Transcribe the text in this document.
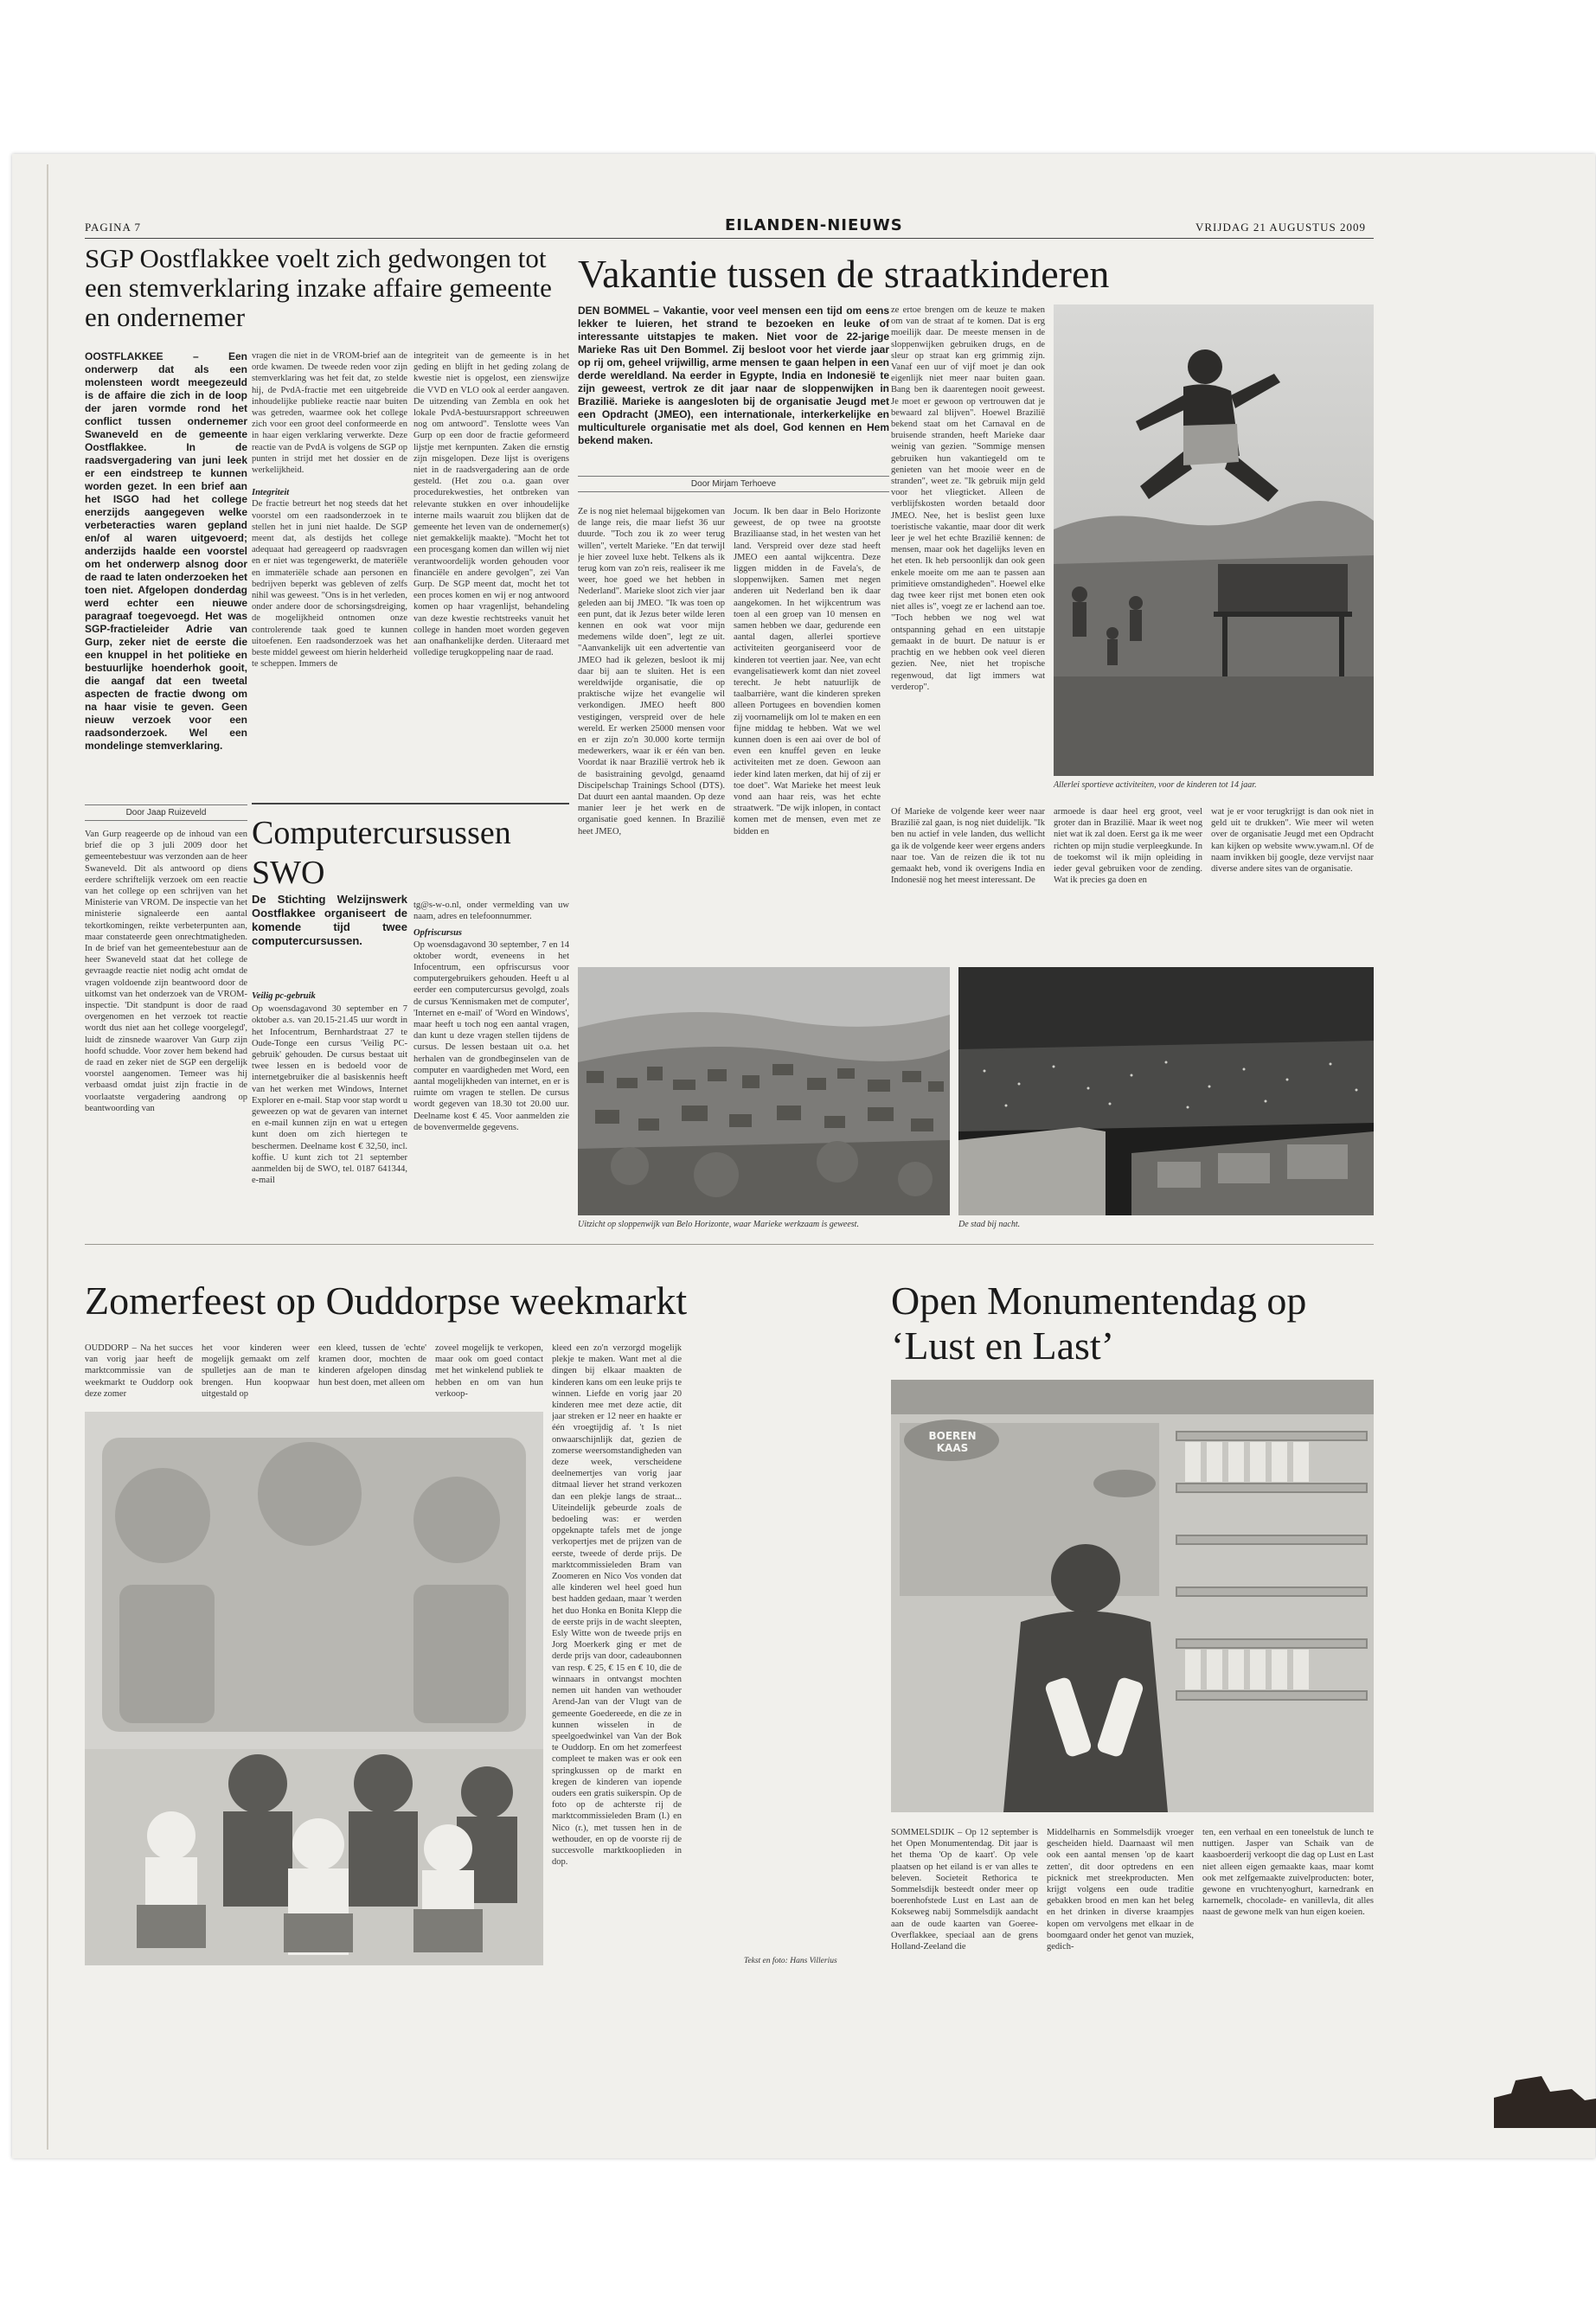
PAGINA 7	EILANDEN-NIEUWS	VRIJDAG 21 AUGUSTUS 2009
SGP Oostflakkee voelt zich gedwongen tot een stemverklaring inzake affaire gemeente en ondernemer
OOSTFLAKKEE – Een onderwerp dat als een molensteen wordt meegezeuld is de affaire die zich in de loop der jaren vormde rond het conflict tussen ondernemer Swaneveld en de gemeente Oostflakkee. In de raadsvergadering van juni leek er een eindstreep te kunnen worden gezet. In een brief aan het ISGO had het college enerzijds aangegeven welke verbeteracties waren gepland en/of al waren uitgevoerd; anderzijds haalde een voorstel om het onderwerp alsnog door de raad te laten onderzoeken het toen niet. Afgelopen donderdag werd echter een nieuwe paragraaf toegevoegd. Het was SGP-fractieleider Adrie van Gurp, zeker niet de eerste die een knuppel in het politieke en bestuurlijke hoenderhok gooit, die aangaf dat een tweetal aspecten de fractie dwong om na haar visie te geven. Geen nieuw verzoek voor een raadsonderzoek. Wel een mondelinge stemverklaring.
Door Jaap Ruizeveld
Van Gurp reageerde op de inhoud van een brief die op 3 juli 2009 door het gemeentebestuur was verzonden aan de heer Swaneveld. Dit als antwoord op diens eerdere schriftelijk verzoek om een reactie van het college op een schrijven van het Ministerie van VROM. De inspectie van het ministerie signaleerde een aantal tekortkomingen, reikte verbeterpunten aan, maar constateerde geen onrechtmatigheden. In de brief van het gemeentebestuur aan de heer Swaneveld staat dat het college de gevraagde reactie niet nodig acht omdat de vragen voldoende zijn beantwoord door de uitkomst van het onderzoek van de VROM-inspectie. 'Dit standpunt is door de raad overgenomen en het verzoek tot reactie wordt dus niet aan het college voorgelegd', luidt de zinsnede waarover Van Gurp zijn hoofd schudde. Voor zover hem bekend had de raad en zeker niet de SGP een dergelijk voorstel aangenomen. Temeer was hij verbaasd omdat juist zijn fractie in de voorlaatste vergadering aandrong op beantwoording van

vragen die niet in de VROM-brief aan de orde kwamen. De tweede reden voor zijn stemverklaring was het feit dat, zo stelde hij, de PvdA-fractie met een uitgebreide inhoudelijke publieke reactie naar buiten was getreden, waarmee ook het college zich voor een groot deel conformeerde en in haar eigen verklaring verwerkte. Deze reactie van de PvdA is volgens de SGP op punten in strijd met het dossier en de werkelijkheid.

Integriteit

De fractie betreurt het nog steeds dat het voorstel om een raadsonderzoek in te stellen het in juni niet haalde. De SGP meent dat, als destijds het college adequaat had gereageerd op raadsvragen en er niet was tegengewerkt, de materiële en immateriële schade aan personen en bedrijven beperkt was gebleven of zelfs nihil was geweest. "Ons is in het verleden, onder andere door de schorsingsdreiging, de mogelijkheid ontnomen onze controlerende taak goed te kunnen uitoefenen. Een raadsonderzoek was het beste middel geweest om hierin helderheid te scheppen. Immers de

integriteit van de gemeente is in het geding en blijft in het geding zolang de kwestie niet is opgelost, een zienswijze die VVD en VLO ook al eerder aangaven. De uitzending van Zembla en ook het lokale PvdA-bestuursrapport schreeuwen nog om antwoord". Tenslotte wees Van Gurp op een door de fractie geformeerd lijstje met kernpunten. Zaken die ernstig zijn misgelopen. Deze lijst is overigens niet in de raadsvergadering aan de orde gesteld. (Het zou o.a. gaan over procedurekwesties, het ontbreken van relevante stukken en over inhoudelijke interne mails waaruit zou blijken dat de gemeente het leven van de ondernemer(s) niet gemakkelijk maakte). "Mocht het tot een procesgang komen dan willen wij niet verantwoordelijk worden gehouden voor financiële en andere gevolgen", zei Van Gurp. De SGP meent dat, mocht het tot een proces komen en wij er nog antwoord komen op haar vragenlijst, behandeling van deze kwestie rechtstreeks vanuit het college in handen moet worden gegeven aan onafhankelijke derden. Uiteraard met volledige terugkoppeling naar de raad.
Computercursussen SWO
De Stichting Welzijnswerk Oostflakkee organiseert de komende tijd twee computercursussen.
Veilig pc-gebruik
Op woensdagavond 30 september en 7 oktober a.s. van 20.15-21.45 uur wordt in het Infocentrum, Bernhardstraat 27 te Oude-Tonge een cursus 'Veilig PC-gebruik' gehouden. De cursus bestaat uit twee lessen en is bedoeld voor de internetgebruiker die al basiskennis heeft van het werken met Windows, Internet Explorer en e-mail. Stap voor stap wordt u geweezen op wat de gevaren van internet en e-mail kunnen zijn en wat u ertegen kunt doen om zich hiertegen te beschermen. Deelname kost € 32,50, incl. koffie. U kunt zich tot 21 september aanmelden bij de SWO, tel. 0187 641344, e-mail

tg@s-w-o.nl, onder vermelding van uw naam, adres en telefoonnummer.

Opfriscursus
Op woensdagavond 30 september, 7 en 14 oktober wordt, eveneens in het Infocentrum, een opfriscursus voor computergebruikers gehouden. Heeft u al eerder een computercursus gevolgd, zoals de cursus 'Kennismaken met de computer', 'Internet en e-mail' of 'Word en Windows', maar heeft u toch nog een aantal vragen, dan kunt u deze vragen stellen tijdens de cursus. De lessen bestaan uit o.a. het herhalen van de grondbeginselen van de computer en vaardigheden met Word, een aantal mogelijkheden van internet, en er is ruimte om vragen te stellen. De cursus wordt gegeven van 18.30 tot 20.00 uur. Deelname kost € 45. Voor aanmelden zie de bovenvermelde gegevens.
Vakantie tussen de straatkinderen
DEN BOMMEL – Vakantie, voor veel mensen een tijd om eens lekker te luieren, het strand te bezoeken en leuke of interessante uitstapjes te maken. Niet voor de 22-jarige Marieke Ras uit Den Bommel. Zij besloot voor het vierde jaar op rij om, geheel vrijwillig, arme mensen te gaan helpen in een derde wereldland. Na eerder in Egypte, India en Indonesië te zijn geweest, vertrok ze dit jaar naar de sloppenwijken in Brazilië. Marieke is aangesloten bij de organisatie Jeugd met een Opdracht (JMEO), een internationale, interkerkelijke en multiculturele organisatie met als doel, God kennen en Hem bekend maken.
Door Mirjam Terhoeve
Ze is nog niet helemaal bijgekomen van de lange reis, die maar liefst 36 uur duurde. "Toch zou ik zo weer terug willen", vertelt Marieke. "En dat terwijl je hier zoveel luxe hebt. Telkens als ik terug kom van zo'n reis, realiseer ik me weer, hoe goed we het hebben in Nederland". Marieke sloot zich vier jaar geleden aan bij JMEO. "Ik was toen op een punt, dat ik Jezus beter wilde leren kennen en ook wat voor mijn medemens wilde doen", legt ze uit. "Aanvankelijk uit een advertentie van JMEO had ik gelezen, besloot ik mij daar bij aan te sluiten. Het is een wereldwijde organisatie, die op praktische wijze het evangelie wil verkondigen. JMEO heeft 800 vestigingen, verspreid over de hele wereld. Er werken 25000 mensen voor en er zijn zo'n 30.000 korte termijn medewerkers, waar ik er één van ben. Voordat ik naar Brazilië vertrok heb ik de basistraining gevolgd, genaamd Discipelschap Trainings School (DTS). Dat duurt een aantal maanden. Op deze manier leer je het werk en de organisatie goed kennen. In Brazilië heet JMEO,
Jocum. Ik ben daar in Belo Horizonte geweest, de op twee na grootste Braziliaanse stad, in het westen van het land. Verspreid over deze stad heeft JMEO een aantal wijkcentra. Deze liggen midden in de Favela's, de sloppenwijken. Samen met negen anderen uit Nederland ben ik daar aangekomen. In het wijkcentrum was toen al een groep van 10 mensen en samen hebben we daar, gedurende een aantal dagen, allerlei sportieve activiteiten georganiseerd voor de kinderen tot veertien jaar. Nee, van echt evangelisatiewerk komt dan niet zoveel terecht. Je hebt natuurlijk de taalbarrière, want die kinderen spreken alleen Portugees en bovendien komen zij voornamelijk om lol te maken en een fijne middag te hebben. Wat we wel kunnen doen is een aai over de bol of even een knuffel geven en leuke activiteiten met ze doen. Gewoon aan ieder kind laten merken, dat hij of zij er toe doet". Wat Marieke het meest leuk vond aan haar reis, was het echte straatwerk. "De wijk inlopen, in contact komen met de mensen, even met ze bidden en
ze ertoe brengen om de keuze te maken om van de straat af te komen. Dat is erg moeilijk daar. De meeste mensen in de sloppenwijken gebruiken drugs, en de sleur op straat kan erg grimmig zijn. Vanaf een uur of vijf moet je dan ook eigenlijk niet meer naar buiten gaan. Bang ben ik daarentegen nooit geweest. Je moet er gewoon op vertrouwen dat je bewaard zal blijven". Hoewel Brazilië bekend staat om het Carnaval en de bruisende stranden, heeft Marieke daar weinig van gezien. "Sommige mensen gebruiken hun vakantiegeld om te genieten van het mooie weer en de stranden", weet ze. "Ik gebruik mijn geld voor het vliegticket. Alleen de verblijfskosten worden betaald door JMEO. Nee, het is beslist geen luxe toeristische vakantie, maar door dit werk leer je wel het echte Brazilië kennen: de mensen, maar ook het dagelijks leven en het eten. Ik heb persoonlijk dan ook geen enkele moeite om me aan te passen aan primitieve omstandigheden". Hoewel elke dag twee keer rijst met bonen eten ook niet alles is", voegt ze er lachend aan toe. "Toch hebben we nog wel wat ontspanning gehad en een uitstapje gemaakt in de buurt. De natuur is er prachtig en we hebben ook veel dieren gezien. Nee, niet het tropische regenwoud, dat ligt immers wat verderop".
Of Marieke de volgende keer weer naar Brazilië zal gaan, is nog niet duidelijk. "Ik ben nu actief in vele landen, dus wellicht ga ik de volgende keer weer ergens anders naar toe. Van de reizen die ik tot nu gemaakt heb, vond ik overigens India en Indonesië nog het meest interessant. De
armoede is daar heel erg groot, veel groter dan in Brazilië. Maar ik weet nog niet wat ik zal doen. Eerst ga ik me weer richten op mijn studie verpleegkunde. In de toekomst wil ik mijn opleiding in ieder geval gebruiken voor de zending. Wat ik precies ga doen en
wat je er voor terugkrijgt is dan ook niet in geld uit te drukken". Wie meer wil weten over de organisatie Jeugd met een Opdracht kan kijken op website www.ywam.nl. Of de naam invikken bij google, deze vervijst naar diverse andere sites van de organisatie.
Allerlei sportieve activiteiten, voor de kinderen tot 14 jaar.
Uitzicht op sloppenwijk van Belo Horizonte, waar Marieke werkzaam is geweest.	De stad bij nacht.
Zomerfeest op Ouddorpse weekmarkt
OUDDORP – Na het succes van vorig jaar heeft de marktcommissie van de weekmarkt te Ouddorp ook deze zomer
het voor kinderen weer mogelijk gemaakt om zelf spulletjes aan de man te brengen. Hun koopwaar uitgestald op
een kleed, tussen de 'echte' kramen door, mochten de kinderen afgelopen dinsdag hun best doen, met alleen om
zoveel mogelijk te verkopen, maar ook om goed contact met het winkelend publiek te hebben en om van hun verkoop-
kleed een zo'n verzorgd mogelijk plekje te maken. Want met al die dingen bij elkaar maakten de kinderen kans om een leuke prijs te winnen. Liefde en vorig jaar 20 kinderen mee met deze actie, dit jaar streken er 12 neer en haakte er één vroegtijdig af. 't Is niet onwaarschijnlijk dat, gezien de zomerse weersomstandigheden van deze week, verscheidene deelnemertjes van vorig jaar ditmaal liever het strand verkozen dan een plekje langs de straat... Uiteindelijk gebeurde zoals de bedoeling was: er werden opgeknapte tafels met de jonge verkopertjes met de prijzen van de eerste, tweede of derde prijs. De marktcommissieleden Bram van Zoomeren en Nico Vos vonden dat alle kinderen wel heel goed hun best hadden gedaan, maar 't werden het duo Honka en Bonita Klepp die de eerste prijs in de wacht sleepten, Esly Witte won de tweede prijs en Jorg Moerkerk ging er met de derde prijs van door, cadeaubonnen van resp. € 25, € 15 en € 10, die de winnaars in ontvangst mochten nemen uit handen van wethouder Arend-Jan van der Vlugt van de gemeente Goedereede, en die ze in kunnen wisselen in de speelgoedwinkel van Van der Bok te Ouddorp. En om het zomerfeest compleet te maken was er ook een springkussen op de markt en kregen de kinderen van iopende ouders een gratis suikerspin. Op de foto op de achterste rij de marktcommissieleden Bram (l.) en Nico (r.), met tussen hen in de wethouder, en op de voorste rij de succesvolle marktkooplieden in dop.
Tekst en foto: Hans Villerius
Open Monumentendag op ‘Lust en Last’
BOEREN KAAS
SOMMELSDIJK – Op 12 september is het Open Monumentendag. Dit jaar is het thema 'Op de kaart'. Op vele plaatsen op het eiland is er van alles te beleven. Societeit Rethorica te Sommelsdijk besteedt onder meer op boerenhofstede Lust en Last aan de Kokseweg nabij Sommelsdijk aandacht aan de oude kaarten van Goeree-Overflakkee, speciaal aan de grens Holland-Zeeland die
Middelharnis en Sommelsdijk vroeger gescheiden hield. Daarnaast wil men ook een aantal mensen 'op de kaart zetten', dit door optredens en een picknick met streekproducten. Men krijgt volgens een oude traditie gebakken brood en men kan het beleg en het drinken in diverse kraampjes kopen om vervolgens met elkaar in de boomgaard onder het genot van muziek, gedich-
ten, een verhaal en een toneelstuk de lunch te nuttigen. Jasper van Schaik van de kaasboerderij verkoopt die dag op Lust en Last niet alleen eigen gemaakte kaas, maar komt ook met zelfgemaakte zuivelproducten: boter, gewone en vruchtenyoghurt, karnedrank en karnemelk, chocolade- en vanillevla, dit alles naast de gewone melk van hun eigen koeien.
